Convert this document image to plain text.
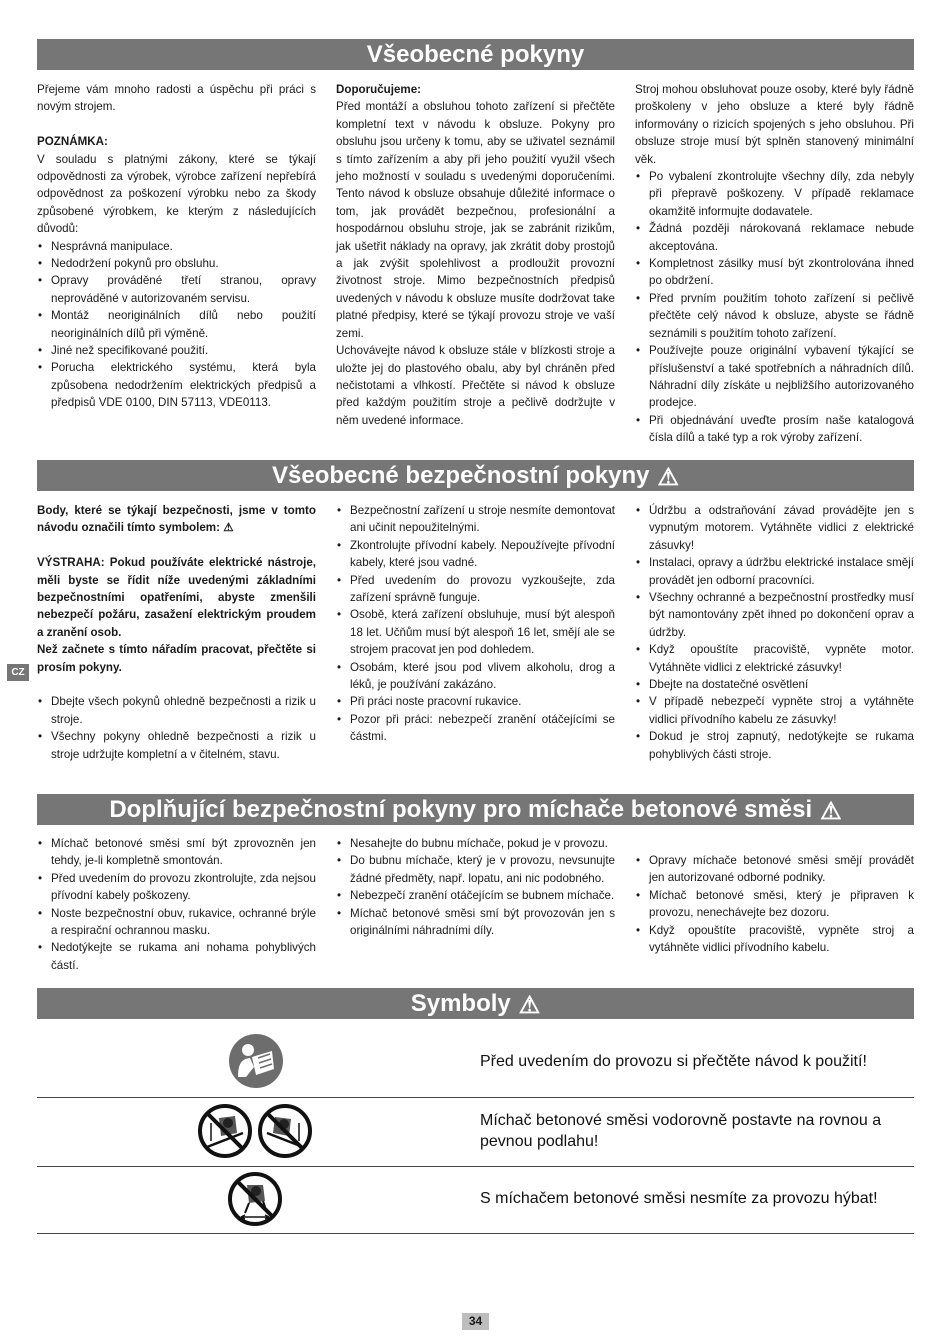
Všeobecné pokyny

Přejeme vám mnoho radosti a úspěchu při práci s novým strojem.

POZNÁMKA:

V souladu s platnými zákony, které se týkají odpovědnosti za výrobek, výrobce zařízení nepřebírá odpovědnost za poškození výrobku nebo za škody způsobené výrobkem, ke kterým z následujících důvodů:

• Nesprávná manipulace.
• Nedodržení pokynů pro obsluhu.
• Opravy prováděné třetí stranou, opravy neprováděné v autorizovaném servisu.
• Montáž neoriginálních dílů nebo použití neoriginálních dílů při výměně.
• Jiné než specifikované použití.
• Porucha elektrického systému, která byla způsobena nedodržením elektrických předpisů a předpisů VDE 0100, DIN 57113, VDE0113.

Doporučujeme:

Před montáží a obsluhou tohoto zařízení si přečtěte kompletní text v návodu k obsluze. Pokyny pro obsluhu jsou určeny k tomu, aby se uživatel seznámil s tímto zařízením a aby při jeho použití využil všech jeho možností v souladu s uvedenými doporučeními. Tento návod k obsluze obsahuje důležité informace o tom, jak provádět bezpečnou, profesionální a hospodárnou obsluhu stroje, jak se zabránit rizikům, jak ušetřit náklady na opravy, jak zkrátit doby prostojů a jak zvýšit spolehlivost a prodloužit provozní životnost stroje. Mimo bezpečnostních předpisů uvedených v návodu k obsluze musíte dodržovat take platné předpisy, které se týkají provozu stroje ve vaší zemi.

Uchovávejte návod k obsluze stále v blízkosti stroje a uložte jej do plastového obalu, aby byl chráněn před nečistotami a vlhkostí. Přečtěte si návod k obsluze před každým použitím stroje a pečlivě dodržujte v něm uvedené informace.

Stroj mohou obsluhovat pouze osoby, které byly řádně proškoleny v jeho obsluze a které byly řádně informovány o rizicích spojených s jeho obsluhou. Při obsluze stroje musí být splněn stanovený minimální věk.

• Po vybalení zkontrolujte všechny díly, zda nebyly při přepravě poškozeny. V případě reklamace okamžitě informujte dodavatele.
• Žádná později nárokovaná reklamace nebude akceptována.
• Kompletnost zásilky musí být zkontrolována ihned po obdržení.
• Před prvním použitím tohoto zařízení si pečlivě přečtěte celý návod k obsluze, abyste se řádně seznámili s použitím tohoto zařízení.
• Používejte pouze originální vybavení týkající se příslušenství a také spotřebních a náhradních dílů. Náhradní díly získáte u nejbližšího autorizovaného prodejce.
• Při objednávání uveďte prosím naše katalogová čísla dílů a také typ a rok výroby zařízení.
Všeobecné bezpečnostní pokyny ⚠
CZ

Body, které se týkají bezpečnosti, jsme v tomto návodu označili tímto symbolem: ⚠

VÝSTRAHA: Pokud používáte elektrické nástroje, měli byste se řídit níže uvedenými základními bezpečnostními opatřeními, abyste zmenšili nebezpečí požáru, zasažení elektrickým proudem a zranění osob.

Než začnete s tímto nářadím pracovat, přečtěte si prosím pokyny.

• Dbejte všech pokynů ohledně bezpečnosti a rizik u stroje.
• Všechny pokyny ohledně bezpečnosti a rizik u stroje udržujte kompletní a v čitelném, stavu.
• Bezpečnostní zařízení u stroje nesmíte demontovat ani učinit nepoužitelnými.
• Zkontrolujte přívodní kabely. Nepoužívejte přívodní kabely, které jsou vadné.
• Před uvedením do provozu vyzkoušejte, zda zařízení správně funguje.
• Osobě, která zařízení obsluhuje, musí být alespoň 18 let. Učňům musí být alespoň 16 let, smějí ale se strojem pracovat jen pod dohledem.
• Osobám, které jsou pod vlivem alkoholu, drog a léků, je používání zakázáno.
• Při práci noste pracovní rukavice.
• Pozor při práci: nebezpečí zranění otáčejícími se částmi.
• Údržbu a odstraňování závad provádějte jen s vypnutým motorem. Vytáhněte vidlici z elektrické zásuvky!
• Instalaci, opravy a údržbu elektrické instalace smějí provádět jen odborní pracovníci.
• Všechny ochranné a bezpečnostní prostředky musí být namontovány zpět ihned po dokončení oprav a údržby.
• Když opouštíte pracoviště, vypněte motor. Vytáhněte vidlici z elektrické zásuvky!
• Dbejte na dostatečné osvětlení
• V případě nebezpečí vypněte stroj a vytáhněte vidlici přívodního kabelu ze zásuvky!
• Dokud je stroj zapnutý, nedotýkejte se rukama pohyblivých části stroje.
Doplňující bezpečnostní pokyny pro míchače betonové směsi ⚠
• Míchač betonové směsi smí být zprovozněn jen tehdy, je-li kompletně smontován.
• Před uvedením do provozu zkontrolujte, zda nejsou přívodní kabely poškozeny.
• Noste bezpečnostní obuv, rukavice, ochranné brýle a respirační ochrannou masku.
• Nedotýkejte se rukama ani nohama pohyblivých částí.
• Nesahejte do bubnu míchače, pokud je v provozu.
• Do bubnu míchače, který je v provozu, nevsunujte žádné předměty, např. lopatu, ani nic podobného.
• Nebezpečí zranění otáčejícím se bubnem míchače.
• Míchač betonové směsi smí být provozován jen s originálními náhradními díly.
• Opravy míchače betonové směsi smějí provádět jen autorizované odborné podniky.
• Míchač betonové směsi, který je připraven k provozu, nenechávejte bez dozoru.
• Když opouštíte pracoviště, vypněte stroj a vytáhněte vidlici přívodního kabelu.
Symboly ⚠
Před uvedením do provozu si přečtěte návod k použití!
Míchač betonové směsi vodorovně postavte na rovnou a pevnou podlahu!
S míchačem betonové směsi nesmíte za provozu hýbat!
34
